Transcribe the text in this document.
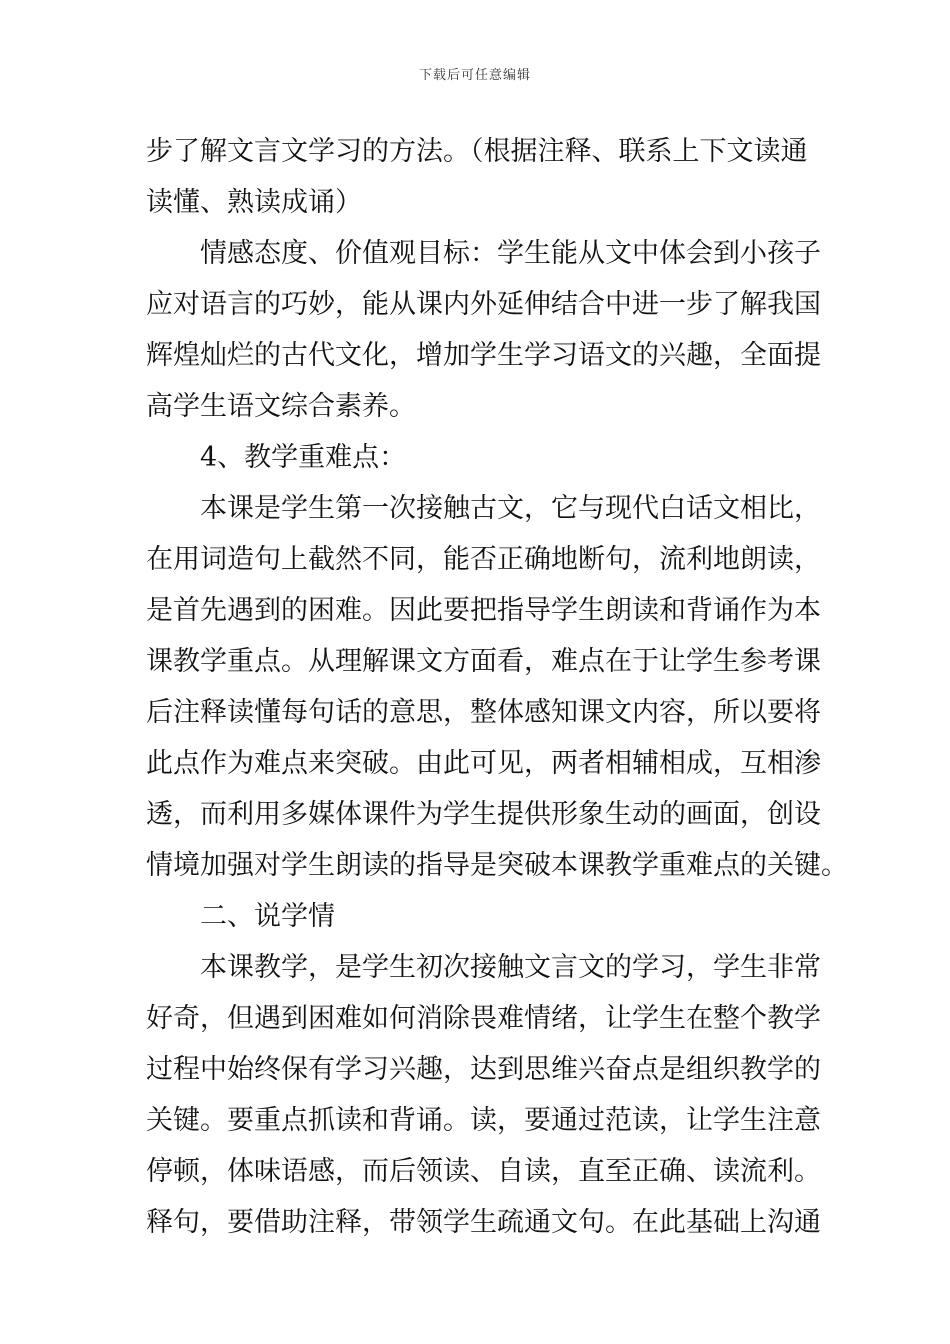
下载后可任意编辑
步了解文言文学习的方法。（根据注释、联系上下文读通
读懂、熟读成诵）
情感态度、价值观目标：学生能从文中体会到小孩子
应对语言的巧妙，能从课内外延伸结合中进一步了解我国
辉煌灿烂的古代文化，增加学生学习语文的兴趣，全面提
高学生语文综合素养。
4、教学重难点：
本课是学生第一次接触古文，它与现代白话文相比，
在用词造句上截然不同，能否正确地断句，流利地朗读，
是首先遇到的困难。因此要把指导学生朗读和背诵作为本
课教学重点。从理解课文方面看，难点在于让学生参考课
后注释读懂每句话的意思，整体感知课文内容，所以要将
此点作为难点来突破。由此可见，两者相辅相成，互相渗
透，而利用多媒体课件为学生提供形象生动的画面，创设
情境加强对学生朗读的指导是突破本课教学重难点的关键。
二、说学情
本课教学，是学生初次接触文言文的学习，学生非常
好奇，但遇到困难如何消除畏难情绪，让学生在整个教学
过程中始终保有学习兴趣，达到思维兴奋点是组织教学的
关键。要重点抓读和背诵。读，要通过范读，让学生注意
停顿，体味语感，而后领读、自读，直至正确、读流利。
释句，要借助注释，带领学生疏通文句。在此基础上沟通
